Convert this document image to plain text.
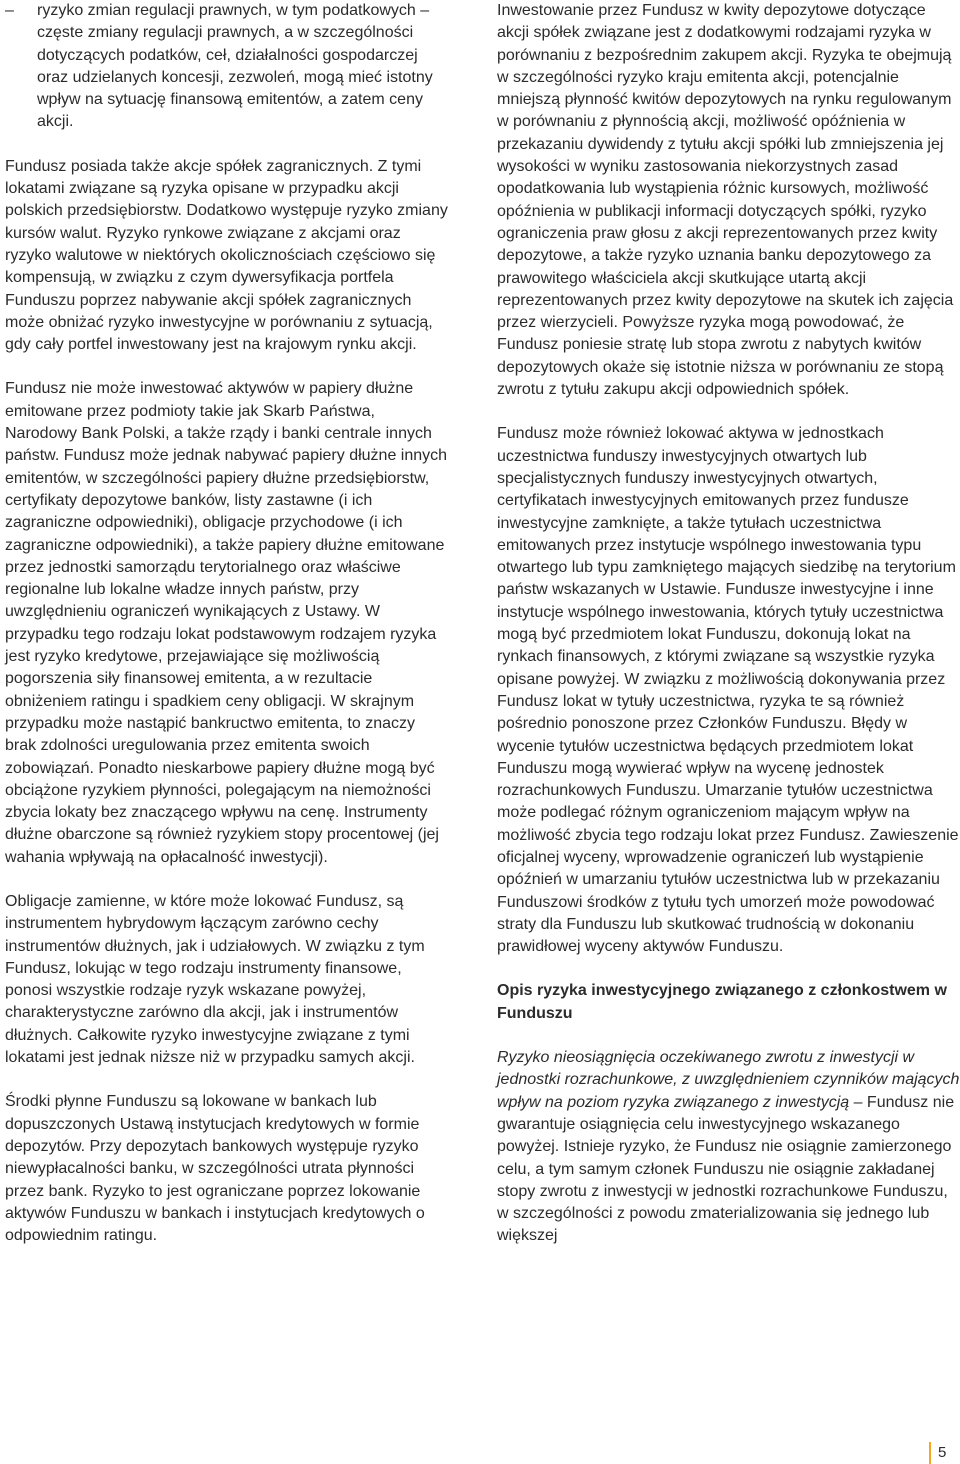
–	ryzyko zmian regulacji prawnych, w tym podatkowych – częste zmiany regulacji prawnych, a w szczególności dotyczących podatków, ceł, działalności gospodarczej oraz udzielanych koncesji, zezwoleń, mogą mieć istotny wpływ na sytuację finansową emitentów, a zatem ceny akcji.

Fundusz posiada także akcje spółek zagranicznych. Z tymi lokatami związane są ryzyka opisane w przypadku akcji polskich przedsiębiorstw. Dodatkowo występuje ryzyko zmiany kursów walut. Ryzyko rynkowe związane z akcjami oraz ryzyko walutowe w niektórych okolicznościach częściowo się kompensują, w związku z czym dywersyfikacja portfela Funduszu poprzez nabywanie akcji spółek zagranicznych może obniżać ryzyko inwestycyjne w porównaniu z sytuacją, gdy cały portfel inwestowany jest na krajowym rynku akcji.

Fundusz nie może inwestować aktywów w papiery dłużne emitowane przez podmioty takie jak Skarb Państwa, Narodowy Bank Polski, a także rządy i banki centrale innych państw. Fundusz może jednak nabywać papiery dłużne innych emitentów, w szczególności papiery dłużne przedsiębiorstw, certyfikaty depozytowe banków, listy zastawne (i ich zagraniczne odpowiedniki), obligacje przychodowe (i ich zagraniczne odpowiedniki), a także papiery dłużne emitowane przez jednostki samorządu terytorialnego oraz właściwe regionalne lub lokalne władze innych państw, przy uwzględnieniu ograniczeń wynikających z Ustawy. W przypadku tego rodzaju lokat podstawowym rodzajem ryzyka jest ryzyko kredytowe, przejawiające się możliwością pogorszenia siły finansowej emitenta, a w rezultacie obniżeniem ratingu i spadkiem ceny obligacji. W skrajnym przypadku może nastąpić bankructwo emitenta, to znaczy brak zdolności uregulowania przez emitenta swoich zobowiązań. Ponadto nieskarbowe papiery dłużne mogą być obciążone ryzykiem płynności, polegającym na niemożności zbycia lokaty bez znaczącego wpływu na cenę. Instrumenty dłużne obarczone są również ryzykiem stopy procentowej (jej wahania wpływają na opłacalność inwestycji).

Obligacje zamienne, w które może lokować Fundusz, są instrumentem hybrydowym łączącym zarówno cechy instrumentów dłużnych, jak i udziałowych. W związku z tym Fundusz, lokując w tego rodzaju instrumenty finansowe, ponosi wszystkie rodzaje ryzyk wskazane powyżej, charakterystyczne zarówno dla akcji, jak i instrumentów dłużnych. Całkowite ryzyko inwestycyjne związane z tymi lokatami jest jednak niższe niż w przypadku samych akcji.

Środki płynne Funduszu są lokowane w bankach lub dopuszczonych Ustawą instytucjach kredytowych w formie depozytów. Przy depozytach bankowych występuje ryzyko niewypłacalności banku, w szczególności utrata płynności przez bank. Ryzyko to jest ograniczane poprzez lokowanie aktywów Funduszu w bankach i instytucjach kredytowych o odpowiednim ratingu.

Inwestowanie przez Fundusz w kwity depozytowe dotyczące akcji spółek związane jest z dodatkowymi rodzajami ryzyka w porównaniu z bezpośrednim zakupem akcji. Ryzyka te obejmują w szczególności ryzyko kraju emitenta akcji, potencjalnie mniejszą płynność kwitów depozytowych na rynku regulowanym w porównaniu z płynnością akcji, możliwość opóźnienia w przekazaniu dywidendy z tytułu akcji spółki lub zmniejszenia jej wysokości w wyniku zastosowania niekorzystnych zasad opodatkowania lub wystąpienia różnic kursowych, możliwość opóźnienia w publikacji informacji dotyczących spółki, ryzyko ograniczenia praw głosu z akcji reprezentowanych przez kwity depozytowe, a także ryzyko uznania banku depozytowego za prawowitego właściciela akcji skutkujące utartą akcji reprezentowanych przez kwity depozytowe na skutek ich zajęcia przez wierzycieli. Powyższe ryzyka mogą powodować, że Fundusz poniesie stratę lub stopa zwrotu z nabytych kwitów depozytowych okaże się istotnie niższa w porównaniu ze stopą zwrotu z tytułu zakupu akcji odpowiednich spółek.

Fundusz może również lokować aktywa w jednostkach uczestnictwa funduszy inwestycyjnych otwartych lub specjalistycznych funduszy inwestycyjnych otwartych, certyfikatach inwestycyjnych emitowanych przez fundusze inwestycyjne zamknięte, a także tytułach uczestnictwa emitowanych przez instytucje wspólnego inwestowania typu otwartego lub typu zamkniętego mających siedzibę na terytorium państw wskazanych w Ustawie. Fundusze inwestycyjne i inne instytucje wspólnego inwestowania, których tytuły uczestnictwa mogą być przedmiotem lokat Funduszu, dokonują lokat na rynkach finansowych, z którymi związane są wszystkie ryzyka opisane powyżej. W związku z możliwością dokonywania przez Fundusz lokat w tytuły uczestnictwa, ryzyka te są również pośrednio ponoszone przez Członków Funduszu. Błędy w wycenie tytułów uczestnictwa będących przedmiotem lokat Funduszu mogą wywierać wpływ na wycenę jednostek rozrachunkowych Funduszu. Umarzanie tytułów uczestnictwa może podlegać różnym ograniczeniom mającym wpływ na możliwość zbycia tego rodzaju lokat przez Fundusz. Zawieszenie oficjalnej wyceny, wprowadzenie ograniczeń lub wystąpienie opóźnień w umarzaniu tytułów uczestnictwa lub w przekazaniu Funduszowi środków z tytułu tych umorzeń może powodować straty dla Funduszu lub skutkować trudnością w dokonaniu prawidłowej wyceny aktywów Funduszu.

Opis ryzyka inwestycyjnego związanego z członkostwem w Funduszu

Ryzyko nieosiągnięcia oczekiwanego zwrotu z inwestycji w jednostki rozrachunkowe, z uwzględnieniem czynników mających wpływ na poziom ryzyka związanego z inwestycją – Fundusz nie gwarantuje osiągnięcia celu inwestycyjnego wskazanego powyżej. Istnieje ryzyko, że Fundusz nie osiągnie zamierzonego celu, a tym samym członek Funduszu nie osiągnie zakładanej stopy zwrotu z inwestycji w jednostki rozrachunkowe Funduszu, w szczególności z powodu zmaterializowania się jednego lub większej

5
